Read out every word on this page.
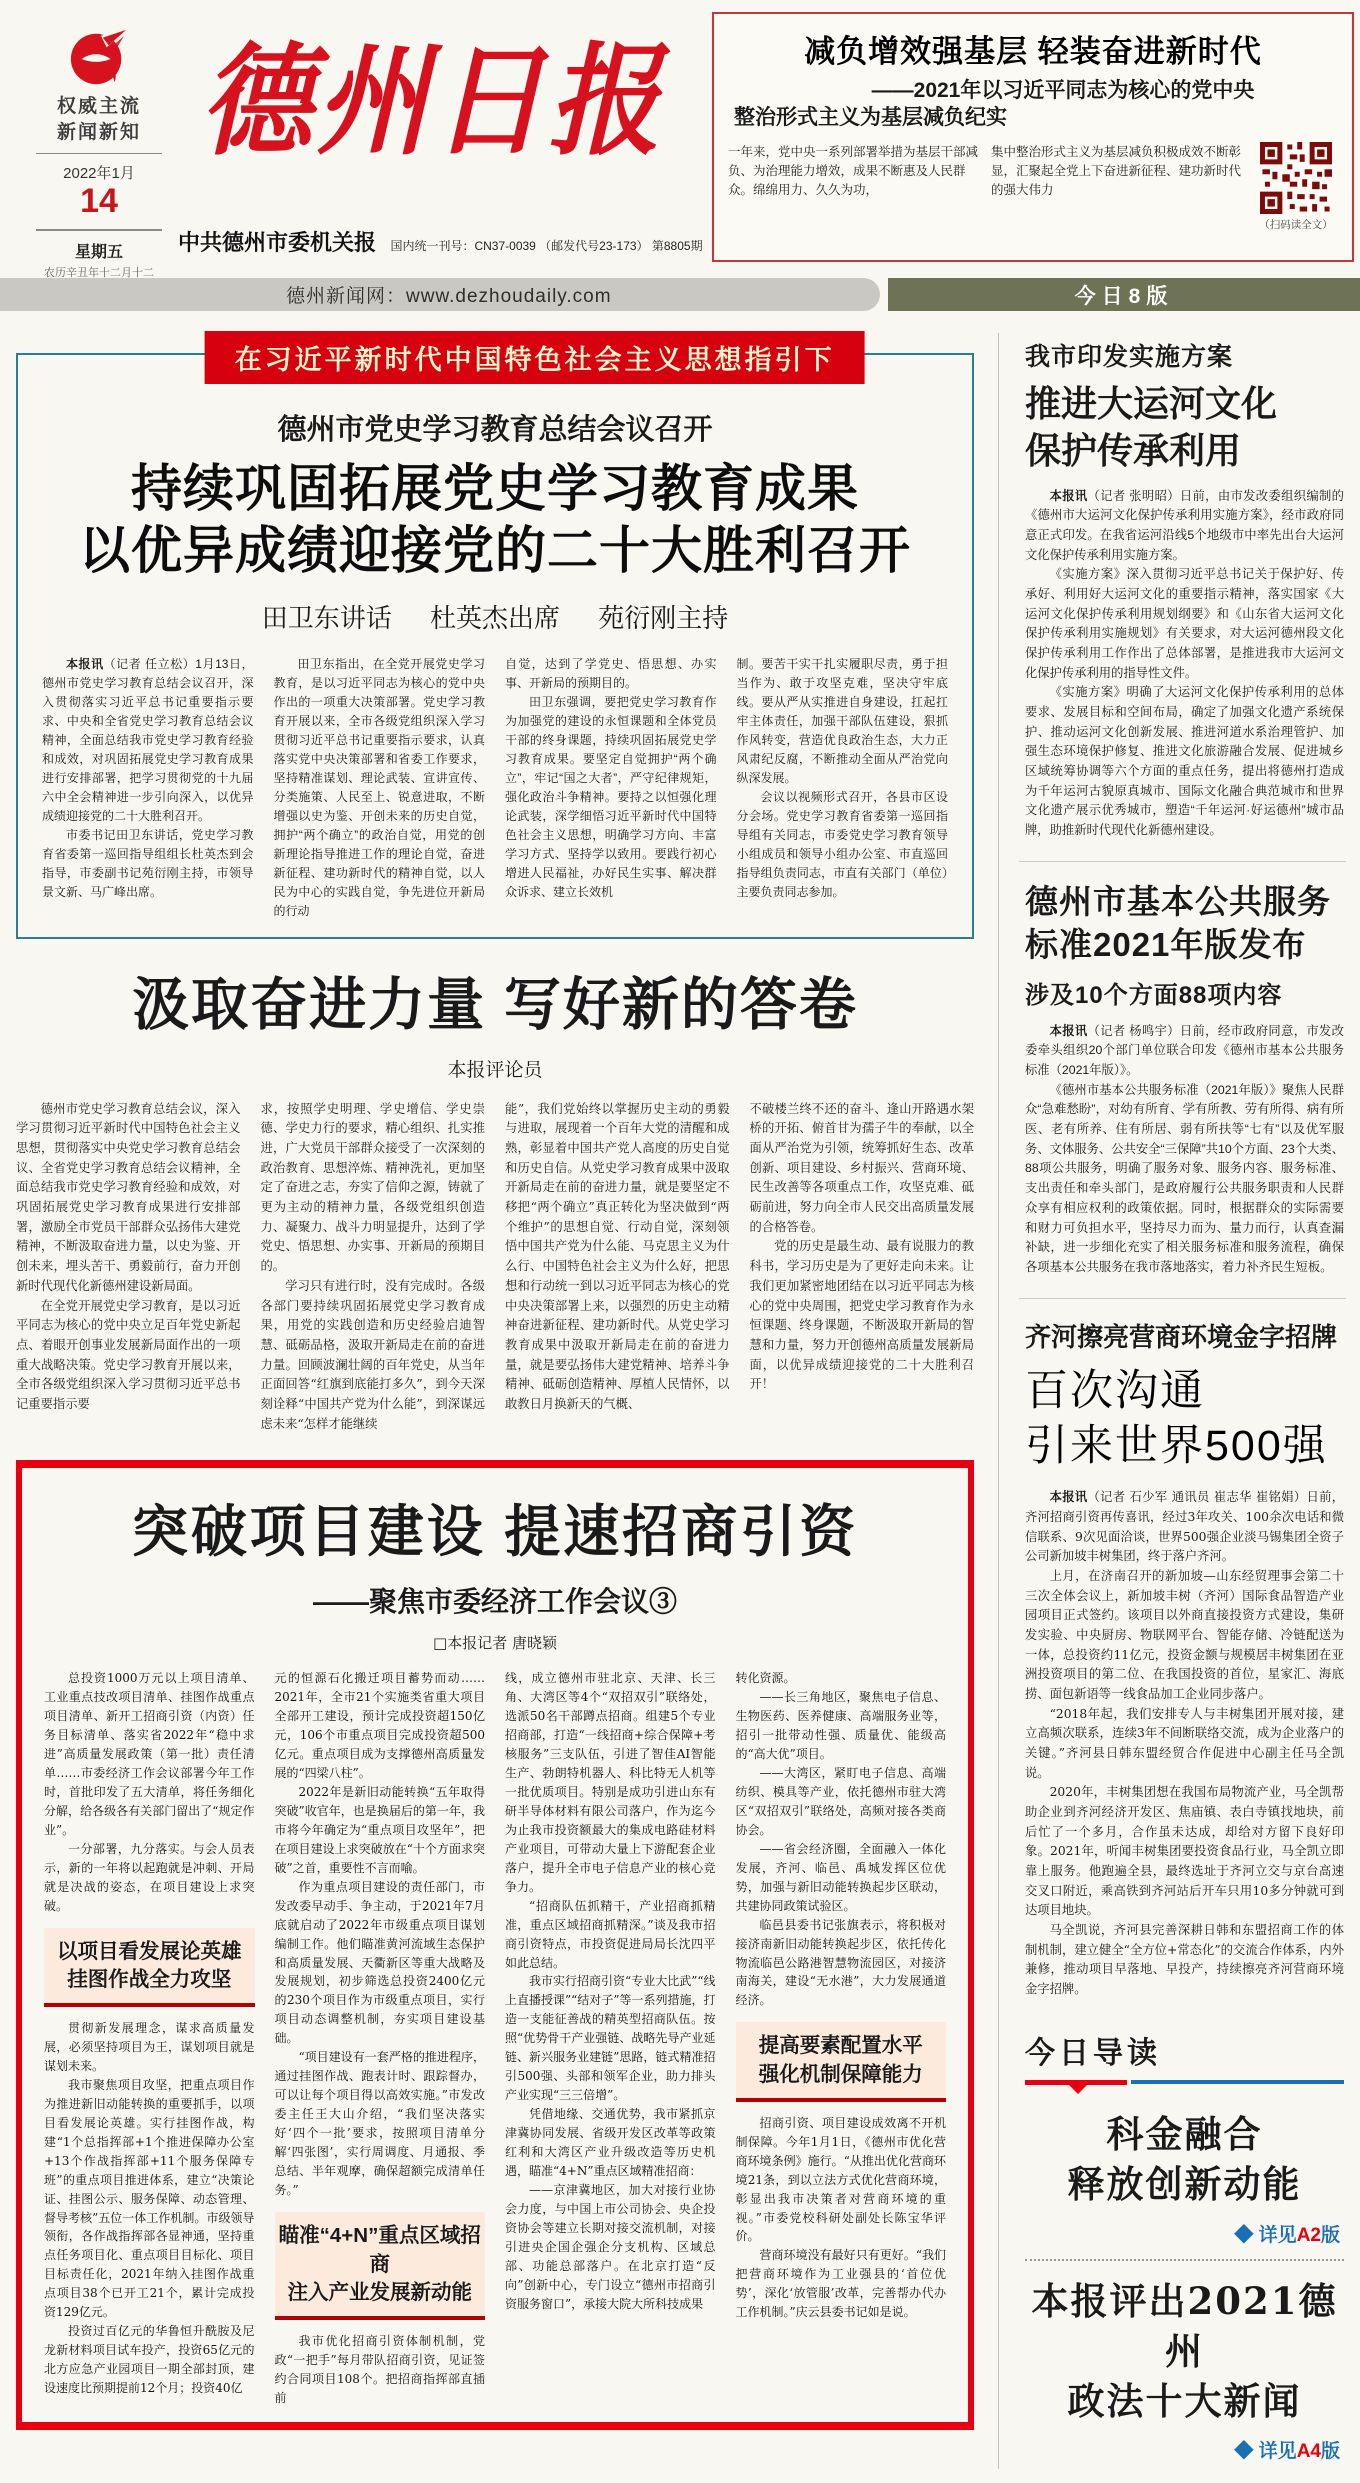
权威主流
新闻新知
2022年1月
14
星期五
农历辛丑年十二月十二
德州日报
中共德州市委机关报 国内统一刊号：CN37-0039 （邮发代号23-173） 第8805期
减负增效强基层 轻装奋进新时代
——2021年以习近平同志为核心的党中央
整治形式主义为基层减负纪实
一年来，党中央一系列部署举措为基层干部减负、为治理能力增效，成果不断惠及人民群众。绵绵用力、久久为功，
集中整治形式主义为基层减负积极成效不断彰显，汇聚起全党上下奋进新征程、建功新时代的强大伟力
（扫码读全文）
德州新闻网：www.dezhoudaily.com	今日8版
在习近平新时代中国特色社会主义思想指引下
德州市党史学习教育总结会议召开
持续巩固拓展党史学习教育成果
以优异成绩迎接党的二十大胜利召开
田卫东讲话 杜英杰出席 苑衍刚主持

本报讯（记者 任立松）1月13日，德州市党史学习教育总结会议召开，深入贯彻落实习近平总书记重要指示要求、中央和全省党史学习教育总结会议精神，全面总结我市党史学习教育经验和成效，对巩固拓展党史学习教育成果进行安排部署，把学习贯彻党的十九届六中全会精神进一步引向深入，以优异成绩迎接党的二十大胜利召开。

市委书记田卫东讲话，党史学习教育省委第一巡回指导组组长杜英杰到会指导，市委副书记苑衍刚主持，市领导景文新、马广峰出席。

田卫东指出，在全党开展党史学习教育，是以习近平同志为核心的党中央作出的一项重大决策部署。党史学习教育开展以来，全市各级党组织深入学习贯彻习近平总书记重要指示要求，认真落实党中央决策部署和省委工作要求，坚持精准谋划、理论武装、宣讲宣传、分类施策、人民至上、锐意进取，不断增强以史为鉴、开创未来的历史自觉，拥护“两个确立”的政治自觉，用党的创新理论指导推进工作的理论自觉，奋进新征程、建功新时代的精神自觉，以人民为中心的实践自觉，争先进位开新局的行动

自觉，达到了学党史、悟思想、办实事、开新局的预期目的。

田卫东强调，要把党史学习教育作为加强党的建设的永恒课题和全体党员干部的终身课题，持续巩固拓展党史学习教育成果。要坚定自觉拥护“两个确立”，牢记“国之大者”，严守纪律规矩，强化政治斗争精神。要持之以恒强化理论武装，深学细悟习近平新时代中国特色社会主义思想，明确学习方向、丰富学习方式、坚持学以致用。要践行初心增进人民福祉，办好民生实事、解决群众诉求、建立长效机

制。要苦干实干扎实履职尽责，勇于担当作为、敢于攻坚克难，坚决守牢底线。要从严从实推进自身建设，扛起扛牢主体责任，加强干部队伍建设，狠抓作风转变，营造优良政治生态，大力正风肃纪反腐，不断推动全面从严治党向纵深发展。

会议以视频形式召开，各县市区设分会场。党史学习教育省委第一巡回指导组有关同志，市委党史学习教育领导小组成员和领导小组办公室、市直巡回指导组负责同志，市直有关部门（单位）主要负责同志参加。

汲取奋进力量 写好新的答卷
本报评论员

德州市党史学习教育总结会议，深入学习贯彻习近平新时代中国特色社会主义思想，贯彻落实中央党史学习教育总结会议、全省党史学习教育总结会议精神，全面总结我市党史学习教育经验和成效，对巩固拓展党史学习教育成果进行安排部署，激励全市党员干部群众弘扬伟大建党精神，不断汲取奋进力量，以史为鉴、开创未来，埋头苦干、勇毅前行，奋力开创新时代现代化新德州建设新局面。

在全党开展党史学习教育，是以习近平同志为核心的党中央立足百年党史新起点、着眼开创事业发展新局面作出的一项重大战略决策。党史学习教育开展以来，全市各级党组织深入学习贯彻习近平总书记重要指示要

求，按照学史明理、学史增信、学史崇德、学史力行的要求，精心组织、扎实推进，广大党员干部群众接受了一次深刻的政治教育、思想淬炼、精神洗礼，更加坚定了奋进之志，夯实了信仰之源，铸就了更为主动的精神力量，各级党组织创造力、凝聚力、战斗力明显提升，达到了学党史、悟思想、办实事、开新局的预期目的。

学习只有进行时，没有完成时。各级各部门要持续巩固拓展党史学习教育成果，用党的实践创造和历史经验启迪智慧、砥砺品格，汲取开新局走在前的奋进力量。回顾波澜壮阔的百年党史，从当年正面回答“红旗到底能打多久”，到今天深刻诠释“中国共产党为什么能”，到深谋远虑未来“怎样才能继续

能”，我们党始终以掌握历史主动的勇毅与进取，展现着一个百年大党的清醒和成熟，彰显着中国共产党人高度的历史自觉和历史自信。从党史学习教育成果中汲取开新局走在前的奋进力量，就是要坚定不移把“两个确立”真正转化为坚决做到“两个维护”的思想自觉、行动自觉，深刻领悟中国共产党为什么能、马克思主义为什么行、中国特色社会主义为什么好，把思想和行动统一到以习近平同志为核心的党中央决策部署上来，以强烈的历史主动精神奋进新征程、建功新时代。从党史学习教育成果中汲取开新局走在前的奋进力量，就是要弘扬伟大建党精神、培养斗争精神、砥砺创造精神、厚植人民情怀，以敢教日月换新天的气概、

不破楼兰终不还的奋斗、逢山开路遇水架桥的开拓、俯首甘为孺子牛的奉献，以全面从严治党为引领，统筹抓好生态、改革创新、项目建设、乡村振兴、营商环境、民生改善等各项重点工作，攻坚克难、砥砺前进，努力向全市人民交出高质量发展的合格答卷。

党的历史是最生动、最有说服力的教科书，学习历史是为了更好走向未来。让我们更加紧密地团结在以习近平同志为核心的党中央周围，把党史学习教育作为永恒课题、终身课题，不断汲取开新局的智慧和力量，努力开创德州高质量发展新局面，以优异成绩迎接党的二十大胜利召开！

突破项目建设 提速招商引资
——聚焦市委经济工作会议③
□本报记者 唐晓颖

总投资1000万元以上项目清单、工业重点技改项目清单、挂图作战重点项目清单、新开工招商引资（内资）任务目标清单、落实省2022年“稳中求进”高质量发展政策（第一批）责任清单……市委经济工作会议部署今年工作时，首批印发了五大清单，将任务细化分解，给各级各有关部门留出了“规定作业”。

一分部署，九分落实。与会人员表示，新的一年将以起跑就是冲刺、开局就是决战的姿态，在项目建设上求突破。

以项目看发展论英雄
挂图作战全力攻坚

贯彻新发展理念，谋求高质量发展，必须坚持项目为王，谋划项目就是谋划未来。

我市聚焦项目攻坚，把重点项目作为推进新旧动能转换的重要抓手，以项目看发展论英雄。实行挂图作战，构建“1个总指挥部+1个推进保障办公室+13个作战指挥部+11个服务保障专班”的重点项目推进体系，建立“决策论证、挂图公示、服务保障、动态管理、督导考核”五位一体工作机制。市级领导领衔，各作战指挥部各显神通，坚持重点任务项目化、重点项目目标化、项目目标责任化，2021年纳入挂图作战重点项目38个已开工21个，累计完成投资129亿元。

投资过百亿元的华鲁恒升酰胺及尼龙新材料项目试车投产，投资65亿元的北方应急产业园项目一期全部封顶，建设速度比预期提前12个月；投资40亿

元的恒源石化搬迁项目蓄势而动……2021年，全市21个实施类省重大项目全部开工建设，预计完成投资超150亿元，106个市重点项目完成投资超500亿元。重点项目成为支撑德州高质量发展的“四梁八柱”。

2022年是新旧动能转换“五年取得突破”收官年，也是换届后的第一年，我市将今年确定为“重点项目攻坚年”，把在项目建设上求突破放在“十个方面求突破”之首，重要性不言而喻。

作为重点项目建设的责任部门，市发改委早动手、争主动，于2021年7月底就启动了2022年市级重点项目谋划编制工作。他们瞄准黄河流域生态保护和高质量发展、天衢新区等重大战略及发展规划，初步筛选总投资2400亿元的230个项目作为市级重点项目，实行项目动态调整机制，夯实项目建设基础。

“项目建设有一套严格的推进程序，通过挂图作战、跑表计时、跟踪督办，可以让每个项目得以高效实施。”市发改委主任王大山介绍，“我们坚决落实好‘四个一批’要求，按照项目清单分解‘四张图’，实行周调度、月通报、季总结、半年观摩，确保超额完成清单任务。”

瞄准“4+N”重点区域招商
注入产业发展新动能

我市优化招商引资体制机制，党政“一把手”每月带队招商引资，见证签约合同项目108个。把招商指挥部直插前

线，成立德州市驻北京、天津、长三角、大湾区等4个“双招双引”联络处，选派50名干部蹲点招商。组建5个专业招商部，打造“一线招商+综合保障+考核服务”三支队伍，引进了智佳AI智能生产、勃朗特机器人、科比特无人机等一批优质项目。特别是成功引进山东有研半导体材料有限公司落户，作为迄今为止我市投资额最大的集成电路硅材料产业项目，可带动大量上下游配套企业落户，提升全市电子信息产业的核心竞争力。

“招商队伍抓精干，产业招商抓精准，重点区域招商抓精深。”谈及我市招商引资特点，市投资促进局局长沈四平如此总结。

我市实行招商引资“专业大比武”“线上直播授课”“结对子”等一系列措施，打造一支能征善战的精英型招商队伍。按照“优势骨干产业强链、战略先导产业延链、新兴服务业建链”思路，链式精准招引500强、头部和领军企业，助力排头产业实现“三三倍增”。

凭借地缘、交通优势，我市紧抓京津冀协同发展、省级开发区改革等政策红利和大湾区产业升级改造等历史机遇，瞄准“4+N”重点区域精准招商：

——京津冀地区，加大对接行业协会力度，与中国上市公司协会、央企投资协会等建立长期对接交流机制，对接引进央企国企强企分支机构、区域总部、功能总部落户。在北京打造“反向”创新中心，专门设立“德州市招商引资服务窗口”，承接大院大所科技成果

转化资源。

——长三角地区，聚焦电子信息、生物医药、医养健康、高端服务业等，招引一批带动性强、质量优、能级高的“高大优”项目。

——大湾区，紧盯电子信息、高端纺织、模具等产业，依托德州市驻大湾区“双招双引”联络处，高频对接各类商协会。

——省会经济圈，全面融入一体化发展，齐河、临邑、禹城发挥区位优势，加强与新旧动能转换起步区联动，共建协同政策试验区。

临邑县委书记张旗表示，将积极对接济南新旧动能转换起步区，依托传化物流临邑公路港智慧物流园区，对接济南海关，建设“无水港”，大力发展通道经济。

提高要素配置水平
强化机制保障能力

招商引资、项目建设成效离不开机制保障。今年1月1日，《德州市优化营商环境条例》施行。“从推出优化营商环境21条，到以立法方式优化营商环境，彰显出我市决策者对营商环境的重视。”市委党校科研处副处长陈宝华评价。

营商环境没有最好只有更好。“我们把营商环境作为工业强县的‘首位优势’，深化‘放管服’改革，完善帮办代办工作机制。”庆云县委书记如是说。

我市印发实施方案
推进大运河文化
保护传承利用

本报讯（记者 张明昭）日前，由市发改委组织编制的《德州市大运河文化保护传承利用实施方案》，经市政府同意正式印发。在我省运河沿线5个地级市中率先出台大运河文化保护传承利用实施方案。

《实施方案》深入贯彻习近平总书记关于保护好、传承好、利用好大运河文化的重要指示精神，落实国家《大运河文化保护传承利用规划纲要》和《山东省大运河文化保护传承利用实施规划》有关要求，对大运河德州段文化保护传承利用工作作出了总体部署，是推进我市大运河文化保护传承利用的指导性文件。

《实施方案》明确了大运河文化保护传承利用的总体要求、发展目标和空间布局，确定了加强文化遗产系统保护、推动运河文化创新发展、推进河道水系治理管护、加强生态环境保护修复、推进文化旅游融合发展、促进城乡区域统筹协调等六个方面的重点任务，提出将德州打造成为千年运河古貌原真城市、国际文化融合典范城市和世界文化遗产展示优秀城市，塑造“千年运河·好运德州”城市品牌，助推新时代现代化新德州建设。

德州市基本公共服务
标准2021年版发布
涉及10个方面88项内容

本报讯（记者 杨鸣宇）日前，经市政府同意，市发改委牵头组织20个部门单位联合印发《德州市基本公共服务标准（2021年版）》。

《德州市基本公共服务标准（2021年版）》聚焦人民群众“急难愁盼”，对幼有所育、学有所教、劳有所得、病有所医、老有所养、住有所居、弱有所扶等“七有”以及优军服务、文体服务、公共安全“三保障”共10个方面、23个大类、88项公共服务，明确了服务对象、服务内容、服务标准、支出责任和牵头部门，是政府履行公共服务职责和人民群众享有相应权利的政策依据。同时，根据群众的实际需要和财力可负担水平，坚持尽力而为、量力而行，认真查漏补缺，进一步细化充实了相关服务标准和服务流程，确保各项基本公共服务在我市落地落实，着力补齐民生短板。

齐河擦亮营商环境金字招牌
百次沟通
引来世界500强

本报讯（记者 石少军 通讯员 崔志华 崔铭娟）日前，齐河招商引资再传喜讯，经过3年攻关、100余次电话和微信联系、9次见面洽谈，世界500强企业淡马锡集团全资子公司新加坡丰树集团，终于落户齐河。

上月，在济南召开的新加坡—山东经贸理事会第二十三次全体会议上，新加坡丰树（齐河）国际食品智造产业园项目正式签约。该项目以外商直接投资方式建设，集研发实验、中央厨房、物联网平台、智能存储、冷链配送为一体，总投资约11亿元，投资金额与规模居丰树集团在亚洲投资项目的第二位、在我国投资的首位，星家汇、海底捞、面包新语等一线食品加工企业同步落户。

“2018年起，我们安排专人与丰树集团开展对接，建立高频次联系，连续3年不间断联络交流，成为企业落户的关键。”齐河县日韩东盟经贸合作促进中心副主任马全凯说。

2020年，丰树集团想在我国布局物流产业，马全凯帮助企业到齐河经济开发区、焦庙镇、表白寺镇找地块，前后忙了一个多月，合作虽未达成，却给对方留下良好印象。2021年，听闻丰树集团要投资食品行业，马全凯立即靠上服务。他跑遍全县，最终选址于齐河立交与京台高速交叉口附近，乘高铁到齐河站后开车只用10多分钟就可到达项目地块。

马全凯说，齐河县完善深耕日韩和东盟招商工作的体制机制，建立健全“全方位+常态化”的交流合作体系，内外兼修，推动项目早落地、早投产，持续擦亮齐河营商环境金字招牌。

今日导读
科金融合
释放创新动能
◆ 详见A2版
本报评出2021德州
政法十大新闻
◆ 详见A4版
